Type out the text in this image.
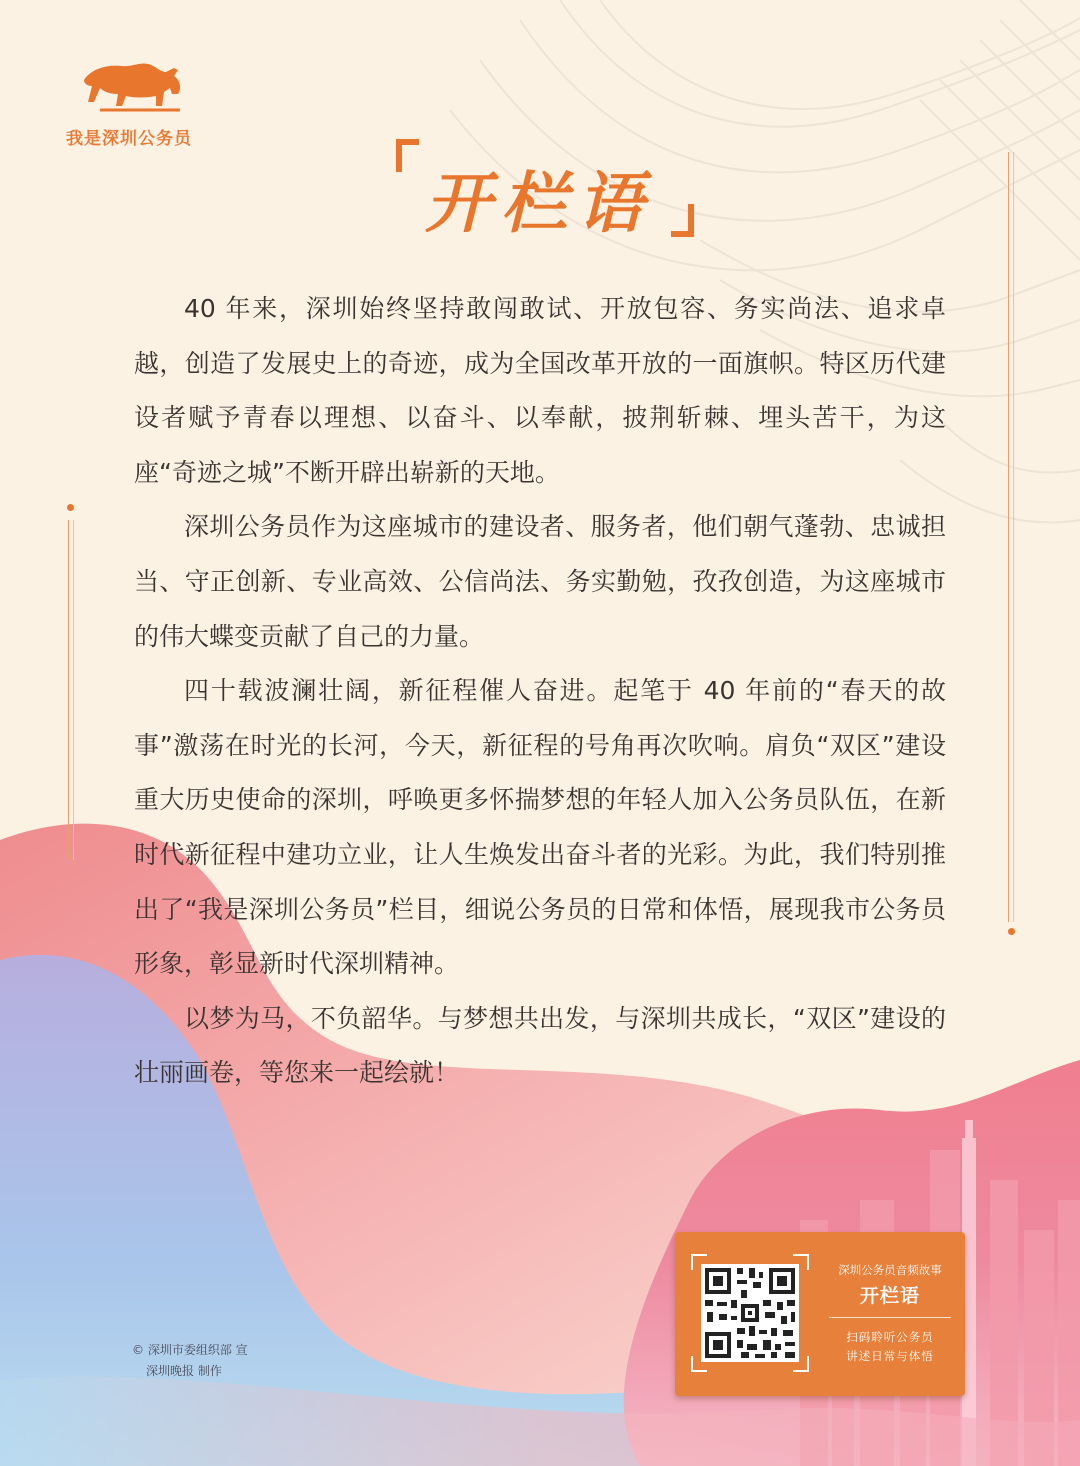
我是深圳公务员
开栏语

40 年来，深圳始终坚持敢闯敢试、开放包容、务实尚法、追求卓越，创造了发展史上的奇迹，成为全国改革开放的一面旗帜。特区历代建设者赋予青春以理想、以奋斗、以奉献，披荆斩棘、埋头苦干，为这座“奇迹之城”不断开辟出崭新的天地。

深圳公务员作为这座城市的建设者、服务者，他们朝气蓬勃、忠诚担当、守正创新、专业高效、公信尚法、务实勤勉，孜孜创造，为这座城市的伟大蝶变贡献了自己的力量。

四十载波澜壮阔，新征程催人奋进。起笔于 40 年前的“春天的故事”激荡在时光的长河，今天，新征程的号角再次吹响。肩负“双区”建设重大历史使命的深圳，呼唤更多怀揣梦想的年轻人加入公务员队伍，在新时代新征程中建功立业，让人生焕发出奋斗者的光彩。为此，我们特别推出了“我是深圳公务员”栏目，细说公务员的日常和体悟，展现我市公务员形象，彰显新时代深圳精神。

以梦为马，不负韶华。与梦想共出发，与深圳共成长，“双区”建设的壮丽画卷，等您来一起绘就！

© 深圳市委组织部 宣
深圳晚报 制作
深圳公务员音频故事
开栏语
扫码聆听公务员
讲述日常与体悟
